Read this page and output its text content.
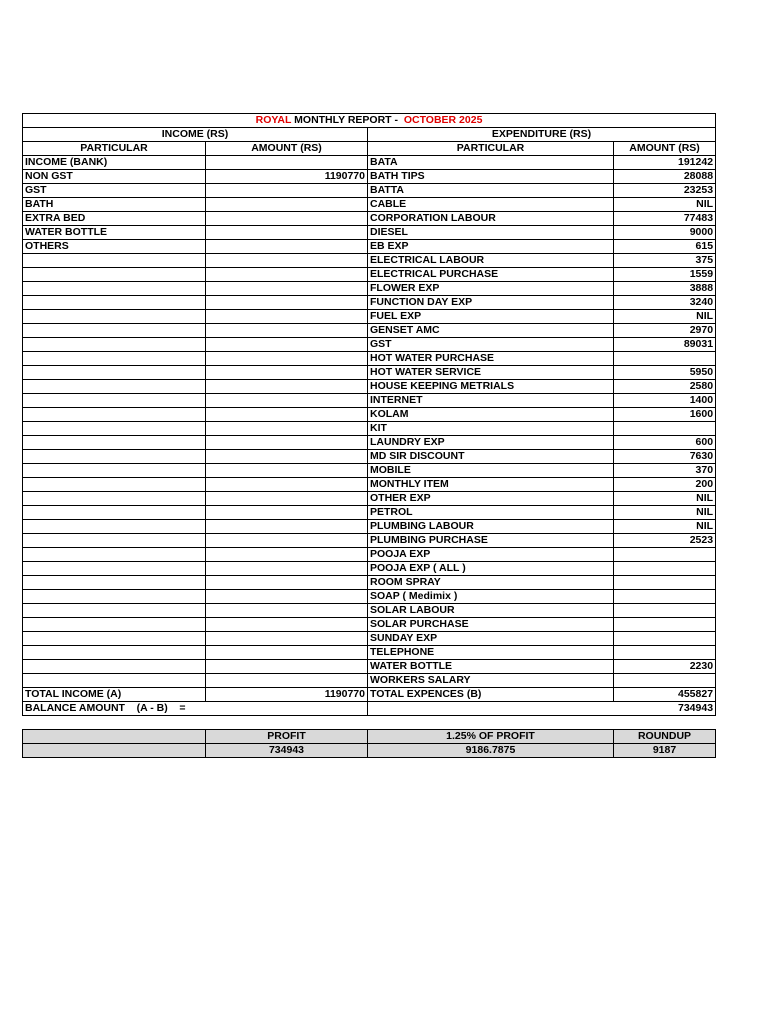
ROYAL MONTHLY REPORT -  OCTOBER 2025			
INCOME (RS)		EXPENDITURE (RS)	
PARTICULAR	AMOUNT (RS)	PARTICULAR	AMOUNT (RS)
INCOME (BANK)		BATA	191242
NON GST	1190770	BATH TIPS	28088
GST		BATTA	23253
BATH		CABLE	NIL
EXTRA BED		CORPORATION LABOUR	77483
WATER BOTTLE		DIESEL	9000
OTHERS		EB EXP	615
		ELECTRICAL LABOUR	375
		ELECTRICAL PURCHASE	1559
		FLOWER EXP	3888
		FUNCTION DAY EXP	3240
		FUEL EXP	NIL
		GENSET AMC	2970
		GST	89031
		HOT WATER PURCHASE	
		HOT WATER SERVICE	5950
		HOUSE KEEPING METRIALS	2580
		INTERNET	1400
		KOLAM	1600
		KIT	
		LAUNDRY EXP	600
		MD SIR DISCOUNT	7630
		MOBILE	370
		MONTHLY ITEM	200
		OTHER EXP	NIL
		PETROL	NIL
		PLUMBING LABOUR	NIL
		PLUMBING PURCHASE	2523
		POOJA EXP	
		POOJA EXP ( ALL )	
		ROOM SPRAY	
		SOAP ( Medimix )	
		SOLAR LABOUR	
		SOLAR PURCHASE	
		SUNDAY EXP	
		TELEPHONE	
		WATER BOTTLE	2230
		WORKERS SALARY	
TOTAL INCOME (A)	1190770	TOTAL EXPENCES (B)	455827
BALANCE AMOUNT    (A - B)    =		734943	
	PROFIT	1.25% OF PROFIT	ROUNDUP
	734943	9186.7875	9187
